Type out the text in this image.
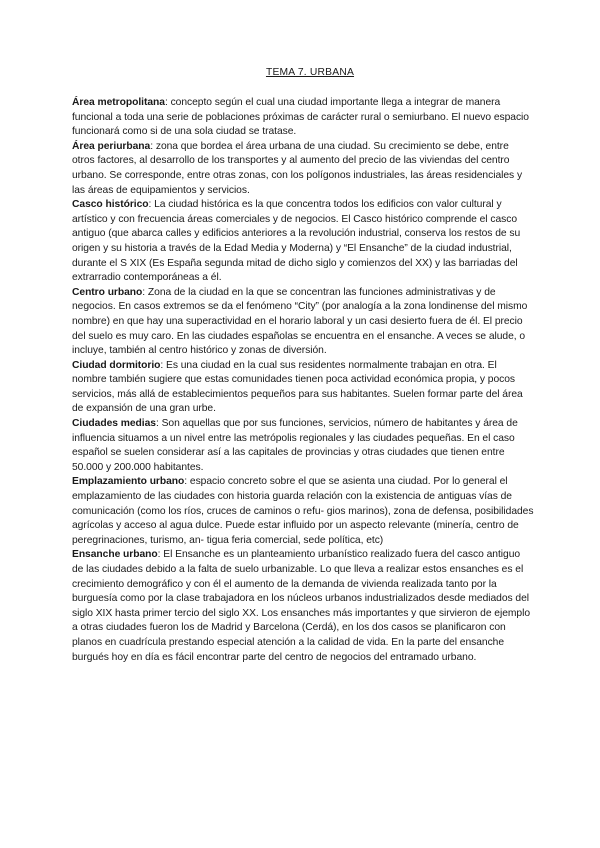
TEMA 7. URBANA

Área metropolitana: concepto según el cual una ciudad importante llega a integrar de manera funcional a toda una serie de poblaciones próximas de carácter rural o semiurbano. El nuevo espacio funcionará como si de una sola ciudad se tratase.

Área periurbana: zona que bordea el área urbana de una ciudad. Su crecimiento se debe, entre otros factores, al desarrollo de los transportes y al aumento del precio de las viviendas del centro urbano. Se corresponde, entre otras zonas, con los polígonos industriales, las áreas residenciales y las áreas de equipamientos y servicios.

Casco histórico: La ciudad histórica es la que concentra todos los edificios con valor cultural y artístico y con frecuencia áreas comerciales y de negocios. El Casco histórico comprende el casco antiguo (que abarca calles y edificios anteriores a la revolución industrial, conserva los restos de su origen y su historia a través de la Edad Media y Moderna) y “El Ensanche” de la ciudad industrial, durante el S XIX (Es España segunda mitad de dicho siglo y comienzos del XX) y las barriadas del extrarradio contemporáneas a él.

Centro urbano: Zona de la ciudad en la que se concentran las funciones administrativas y de negocios. En casos extremos se da el fenómeno “City” (por analogía a la zona londinense del mismo nombre) en que hay una superactividad en el horario laboral y un casi desierto fuera de él. El precio del suelo es muy caro. En las ciudades españolas se encuentra en el ensanche. A veces se alude, o incluye, también al centro histórico y zonas de diversión.

Ciudad dormitorio: Es una ciudad en la cual sus residentes normalmente trabajan en otra. El nombre también sugiere que estas comunidades tienen poca actividad económica propia, y pocos servicios, más allá de establecimientos pequeños para sus habitantes. Suelen formar parte del área de expansión de una gran urbe.

Ciudades medias: Son aquellas que por sus funciones, servicios, número de habitantes y área de influencia situamos a un nivel entre las metrópolis regionales y las ciudades pequeñas. En el caso español se suelen considerar así a las capitales de provincias y otras ciudades que tienen entre 50.000 y 200.000 habitantes.

Emplazamiento urbano: espacio concreto sobre el que se asienta una ciudad. Por lo general el emplazamiento de las ciudades con historia guarda relación con la existencia de antiguas vías de comunicación (como los ríos, cruces de caminos o refu- gios marinos), zona de defensa, posibilidades agrícolas y acceso al agua dulce. Puede estar influido por un aspecto relevante (minería, centro de peregrinaciones, turismo, an- tigua feria comercial, sede política, etc)

Ensanche urbano: El Ensanche es un planteamiento urbanístico realizado fuera del casco antiguo de las ciudades debido a la falta de suelo urbanizable. Lo que lleva a realizar estos ensanches es el crecimiento demográfico y con él el aumento de la demanda de vivienda realizada tanto por la burguesía como por la clase trabajadora en los núcleos urbanos industrializados desde mediados del siglo XIX hasta primer tercio del siglo XX. Los ensanches más importantes y que sirvieron de ejemplo a otras ciudades fueron los de Madrid y Barcelona (Cerdá), en los dos casos se planificaron con planos en cuadrícula prestando especial atención a la calidad de vida. En la parte del ensanche burgués hoy en día es fácil encontrar parte del centro de negocios del entramado urbano.
